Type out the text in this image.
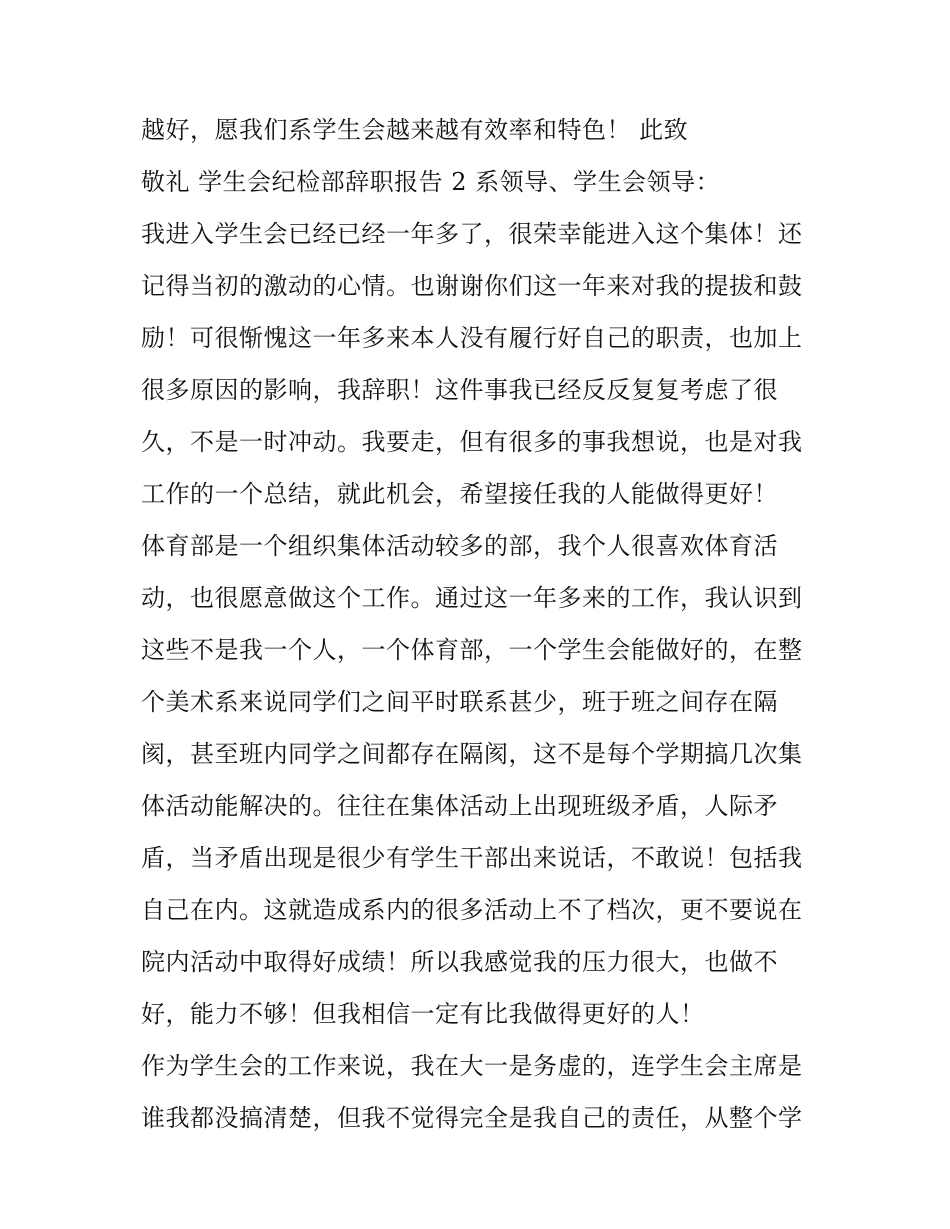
越好，愿我们系学生会越来越有效率和特色！ 此致
敬礼 学生会纪检部辞职报告 2 系领导、学生会领导：
我进入学生会已经已经一年多了，很荣幸能进入这个集体！还
记得当初的激动的心情。也谢谢你们这一年来对我的提拔和鼓
励！可很惭愧这一年多来本人没有履行好自己的职责，也加上
很多原因的影响，我辞职！这件事我已经反反复复考虑了很
久，不是一时冲动。我要走，但有很多的事我想说，也是对我
工作的一个总结，就此机会，希望接任我的人能做得更好！
体育部是一个组织集体活动较多的部，我个人很喜欢体育活
动，也很愿意做这个工作。通过这一年多来的工作，我认识到
这些不是我一个人，一个体育部，一个学生会能做好的，在整
个美术系来说同学们之间平时联系甚少，班于班之间存在隔
阂，甚至班内同学之间都存在隔阂，这不是每个学期搞几次集
体活动能解决的。往往在集体活动上出现班级矛盾，人际矛
盾，当矛盾出现是很少有学生干部出来说话，不敢说！包括我
自己在内。这就造成系内的很多活动上不了档次，更不要说在
院内活动中取得好成绩！所以我感觉我的压力很大，也做不
好，能力不够！但我相信一定有比我做得更好的人！
作为学生会的工作来说，我在大一是务虚的，连学生会主席是
谁我都没搞清楚，但我不觉得完全是我自己的责任，从整个学
